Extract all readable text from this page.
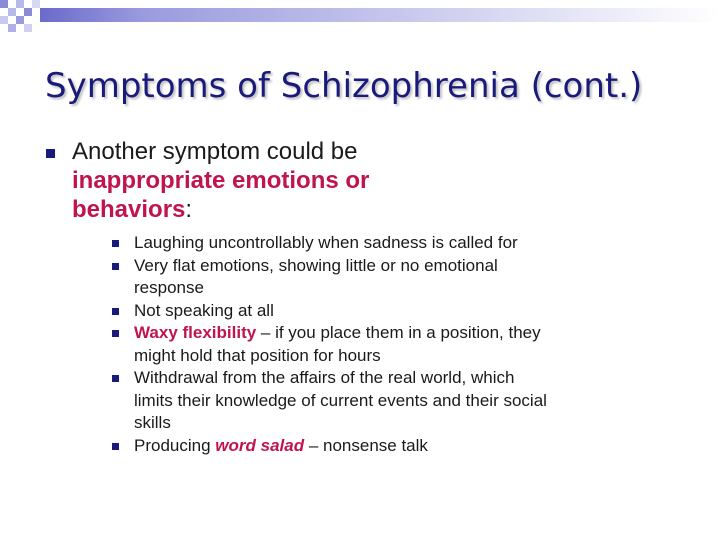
Symptoms of Schizophrenia (cont.)
Another symptom could be inappropriate emotions or behaviors:
Laughing uncontrollably when sadness is called for
Very flat emotions, showing little or no emotional response
Not speaking at all
Waxy flexibility – if you place them in a position, they might hold that position for hours
Withdrawal from the affairs of the real world, which limits their knowledge of current events and their social skills
Producing word salad – nonsense talk
